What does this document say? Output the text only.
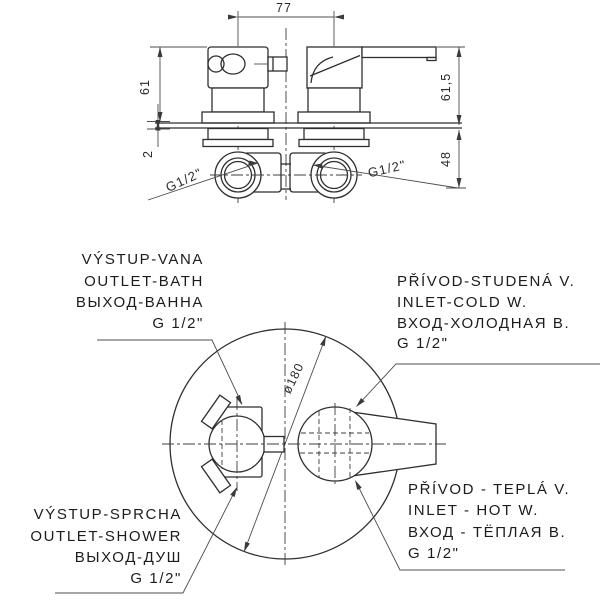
77
G1/2"	G1/2"
61
2
61,5
48
ø180
VÝSTUP-VANA
OUTLET-BATH
ВЫХОД-ВАННА
G 1/2"
PŘÍVOD-STUDENÁ V.
INLET-COLD W.
ВХОД-ХОЛОДНАЯ В.
G 1/2"
VÝSTUP-SPRCHA
OUTLET-SHOWER
ВЫХОД-ДУШ
G 1/2"
PŘÍVOD - TEPLÁ V.
INLET - HOT W.
ВХОД - ТЁПЛАЯ В.
G 1/2"
